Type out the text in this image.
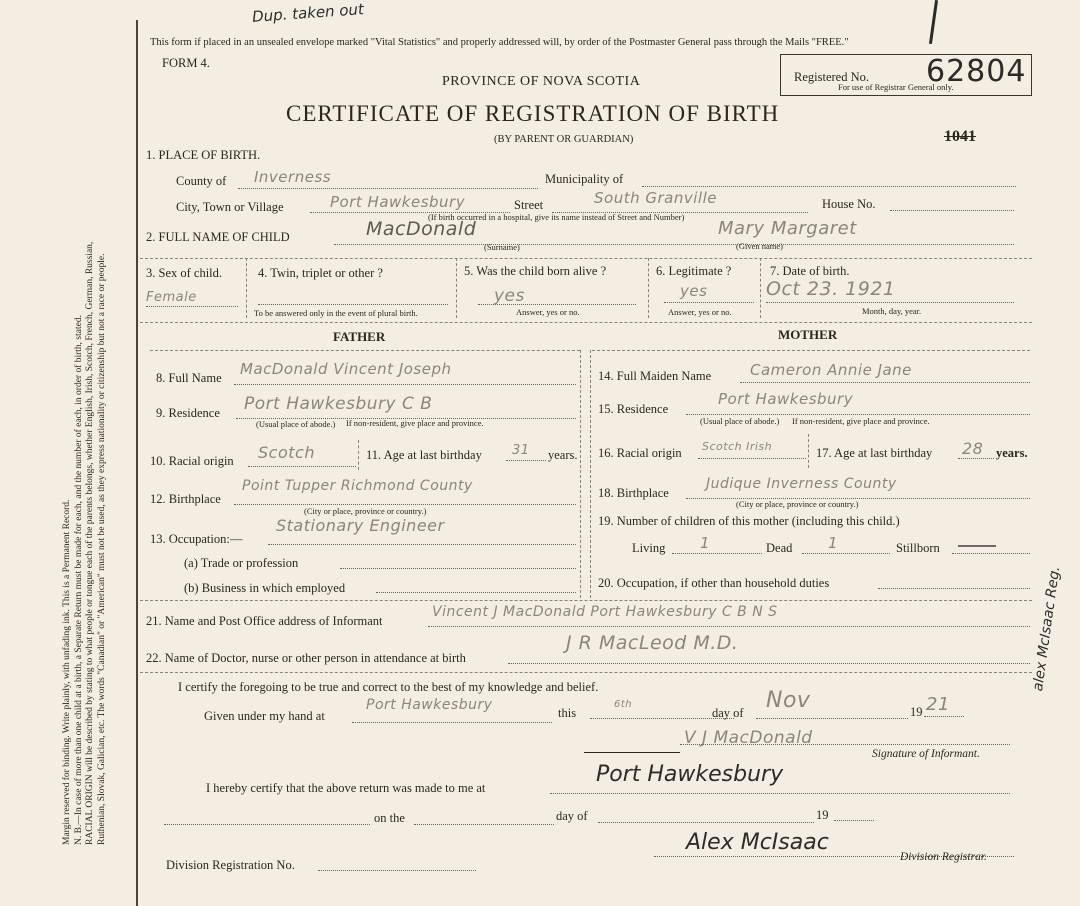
Margin reserved for binding. Write plainly, with unfading ink. This is a Permanent Record. N. B.—In case of more than one child at a birth, a Separate Return must be made for each, and the number of each, in order of birth, stated. RACIAL ORIGIN will be described by stating to what people or tongue each of the parents belongs, whether English, Irish, Scotch, French, German, Russian, Ruthenian, Slovak, Galician, etc. The words "Canadian" or "American" must not be used, as they express nationality or citizenship but not a race or people.
Dup. taken out
This form if placed in an unsealed envelope marked "Vital Statistics" and properly addressed will, by order of the Postmaster General pass through the Mails "FREE."
FORM 4.
Registered No. 62804
For use of Registrar General only.
PROVINCE OF NOVA SCOTIA
CERTIFICATE OF REGISTRATION OF BIRTH
(BY PARENT OR GUARDIAN)	1041
1. PLACE OF BIRTH.
County of Inverness	Municipality of
City, Town or Village	Port Hawkesbury	Street	South Granville	House No.
(If birth occurred in a hospital, give its name instead of Street and Number)
2. FULL NAME OF CHILD	MacDonald	Mary Margaret
(Surname)	(Given name)
3. Sex of child.
Female
4. Twin, triplet or other ?
To be answered only in the event of plural birth.
5. Was the child born alive ?
yes
Answer, yes or no.
6. Legitimate ?
yes
Answer, yes or no.
7. Date of birth.
Oct 23. 1921
Month, day, year.
FATHER	MOTHER
8. Full Name MacDonald Vincent Joseph
9. Residence Port Hawkesbury C B
(Usual place of abode.) If non-resident, give place and province.
10. Racial origin Scotch	11. Age at last birthday 31 years.
12. Birthplace
Point Tupper Richmond County
(City or place, province or country.)
13. Occupation:—
Stationary Engineer
(a) Trade or profession
(b) Business in which employed
14. Full Maiden Name	Cameron Annie Jane
15. Residence
Port Hawkesbury
(Usual place of abode.) If non-resident, give place and province.
16. Racial origin Scotch Irish	17. Age at last birthday 28 years.
18. Birthplace
Judique Inverness County
(City or place, province or country.)
19. Number of children of this mother (including this child.)
Living 1	Dead 1	Stillborn
20. Occupation, if other than household duties
21. Name and Post Office address of Informant
Vincent J MacDonald Port Hawkesbury C B N S
22. Name of Doctor, nurse or other person in attendance at birth
J R MacLeod M.D.
I certify the foregoing to be true and correct to the best of my knowledge and belief.
Given under my hand at
Port Hawkesbury	this
6th
day of Nov	19 21
V J MacDonald
Signature of Informant.
I hereby certify that the above return was made to me at
Port Hawkesbury
on the	day of	19
Alex McIsaac
Division Registrar.
Division Registration No.
alex McIsaac Reg.
